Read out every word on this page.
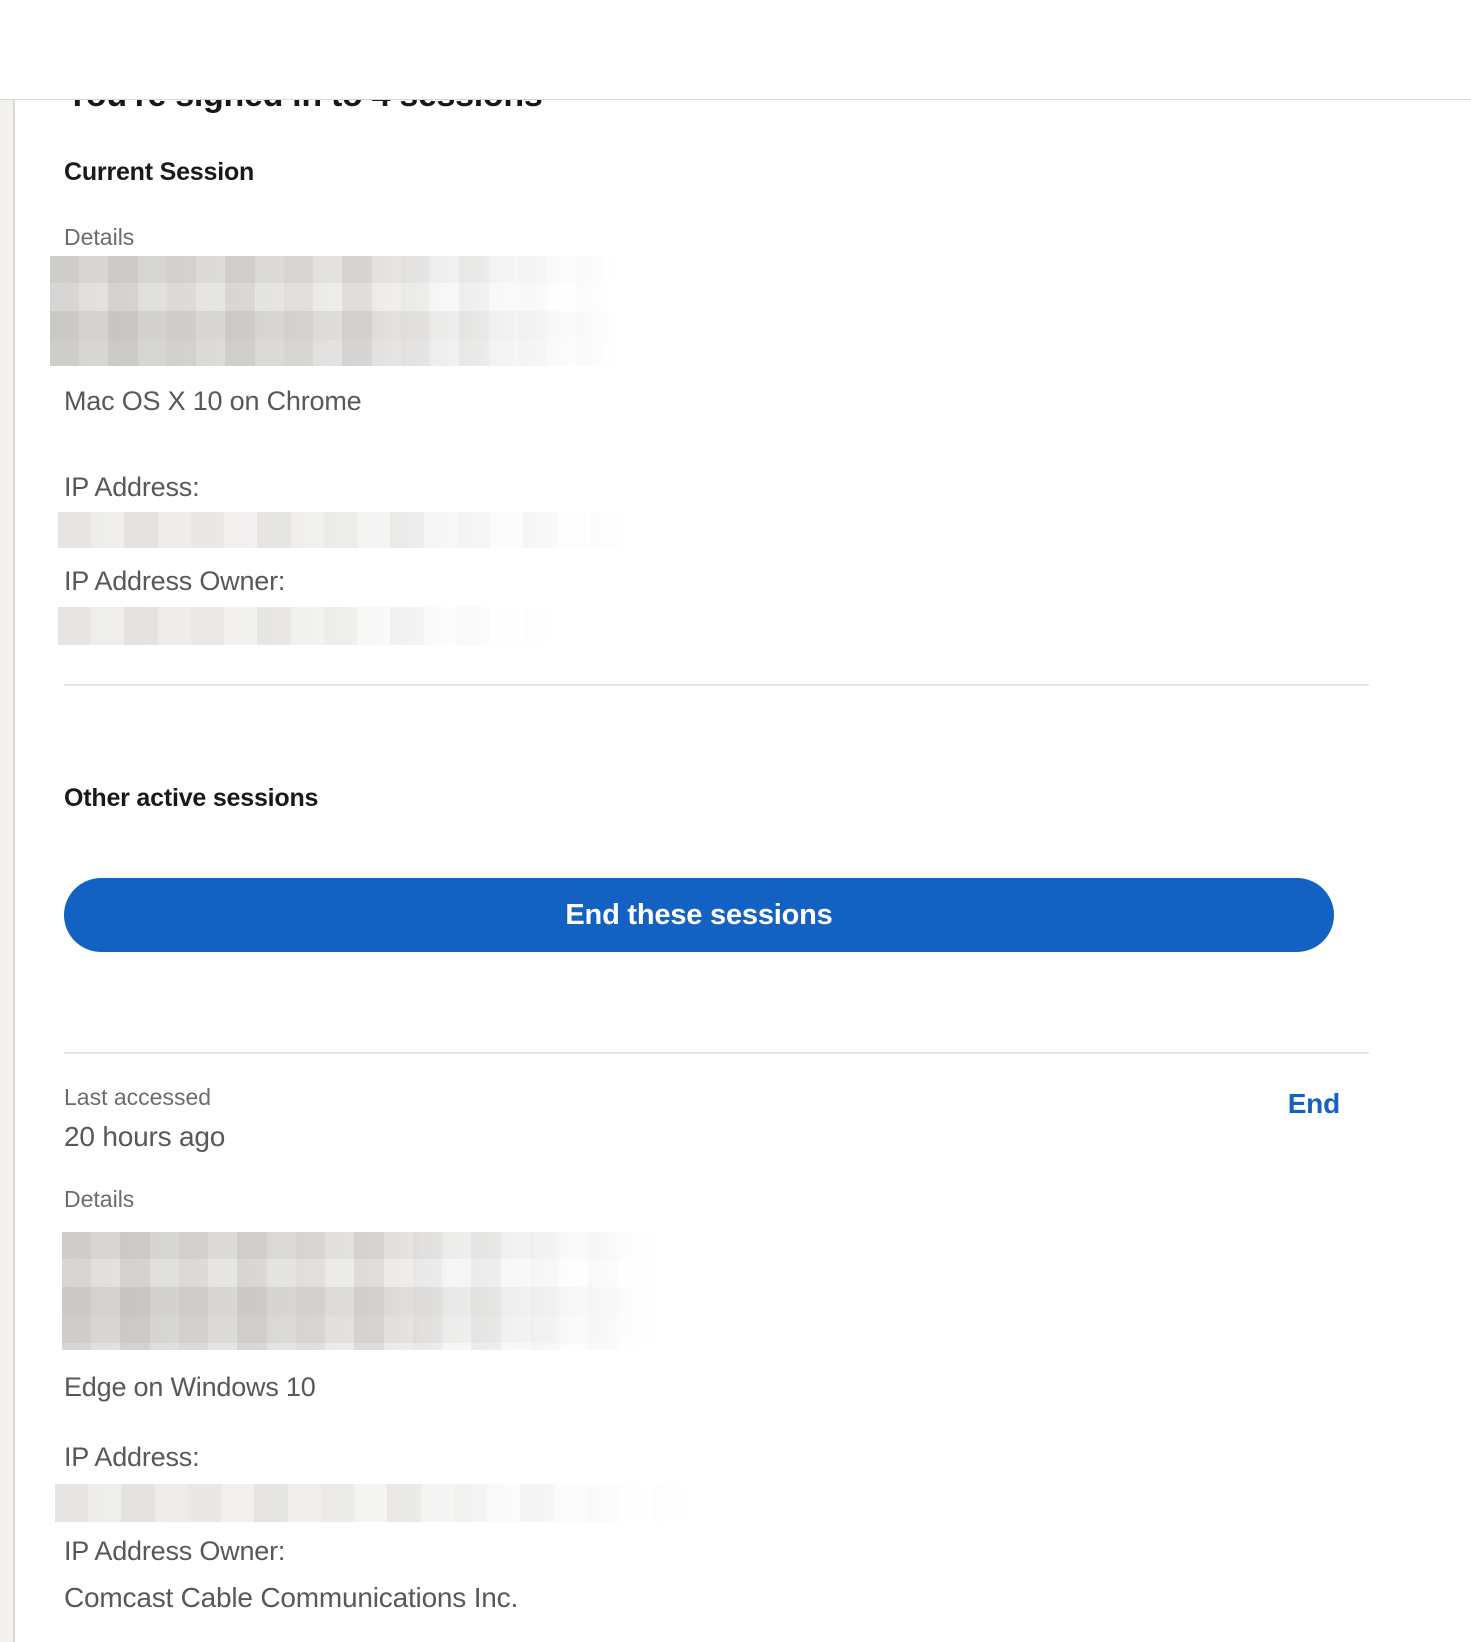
Current Session
Details
Mac OS X 10 on Chrome
IP Address:
IP Address Owner:
Other active sessions
End these sessions
Last accessed	End
20 hours ago
Details
Edge on Windows 10
IP Address:
IP Address Owner:
Comcast Cable Communications Inc.
